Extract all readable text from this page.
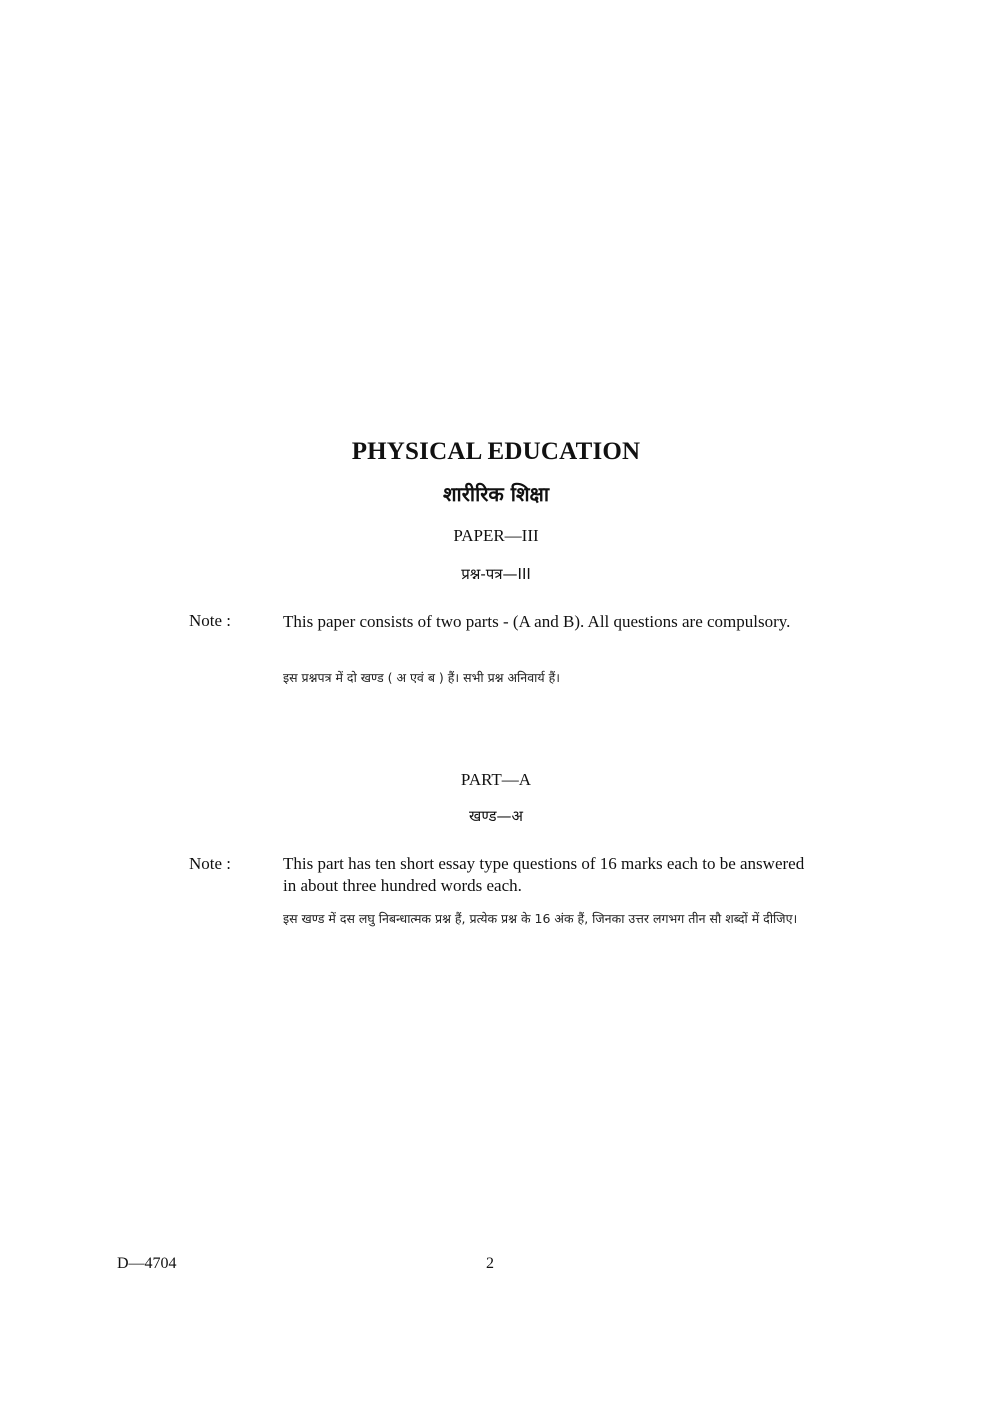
PHYSICAL EDUCATION
शारीरिक शिक्षा
PAPER—III
प्रश्न-पत्र—III
Note :	This paper consists of two parts - (A and B). All questions are compulsory.
इस प्रश्नपत्र में दो खण्ड ( अ एवं ब ) हैं। सभी प्रश्न अनिवार्य हैं।
PART—A
खण्ड—अ
Note :	This part has ten short essay type questions of 16 marks each to be answered in about three hundred words each.
इस खण्ड में दस लघु निबन्धात्मक प्रश्न हैं, प्रत्येक प्रश्न के 16 अंक हैं, जिनका उत्तर लगभग तीन सौ शब्दों में दीजिए।
D—4704	2
